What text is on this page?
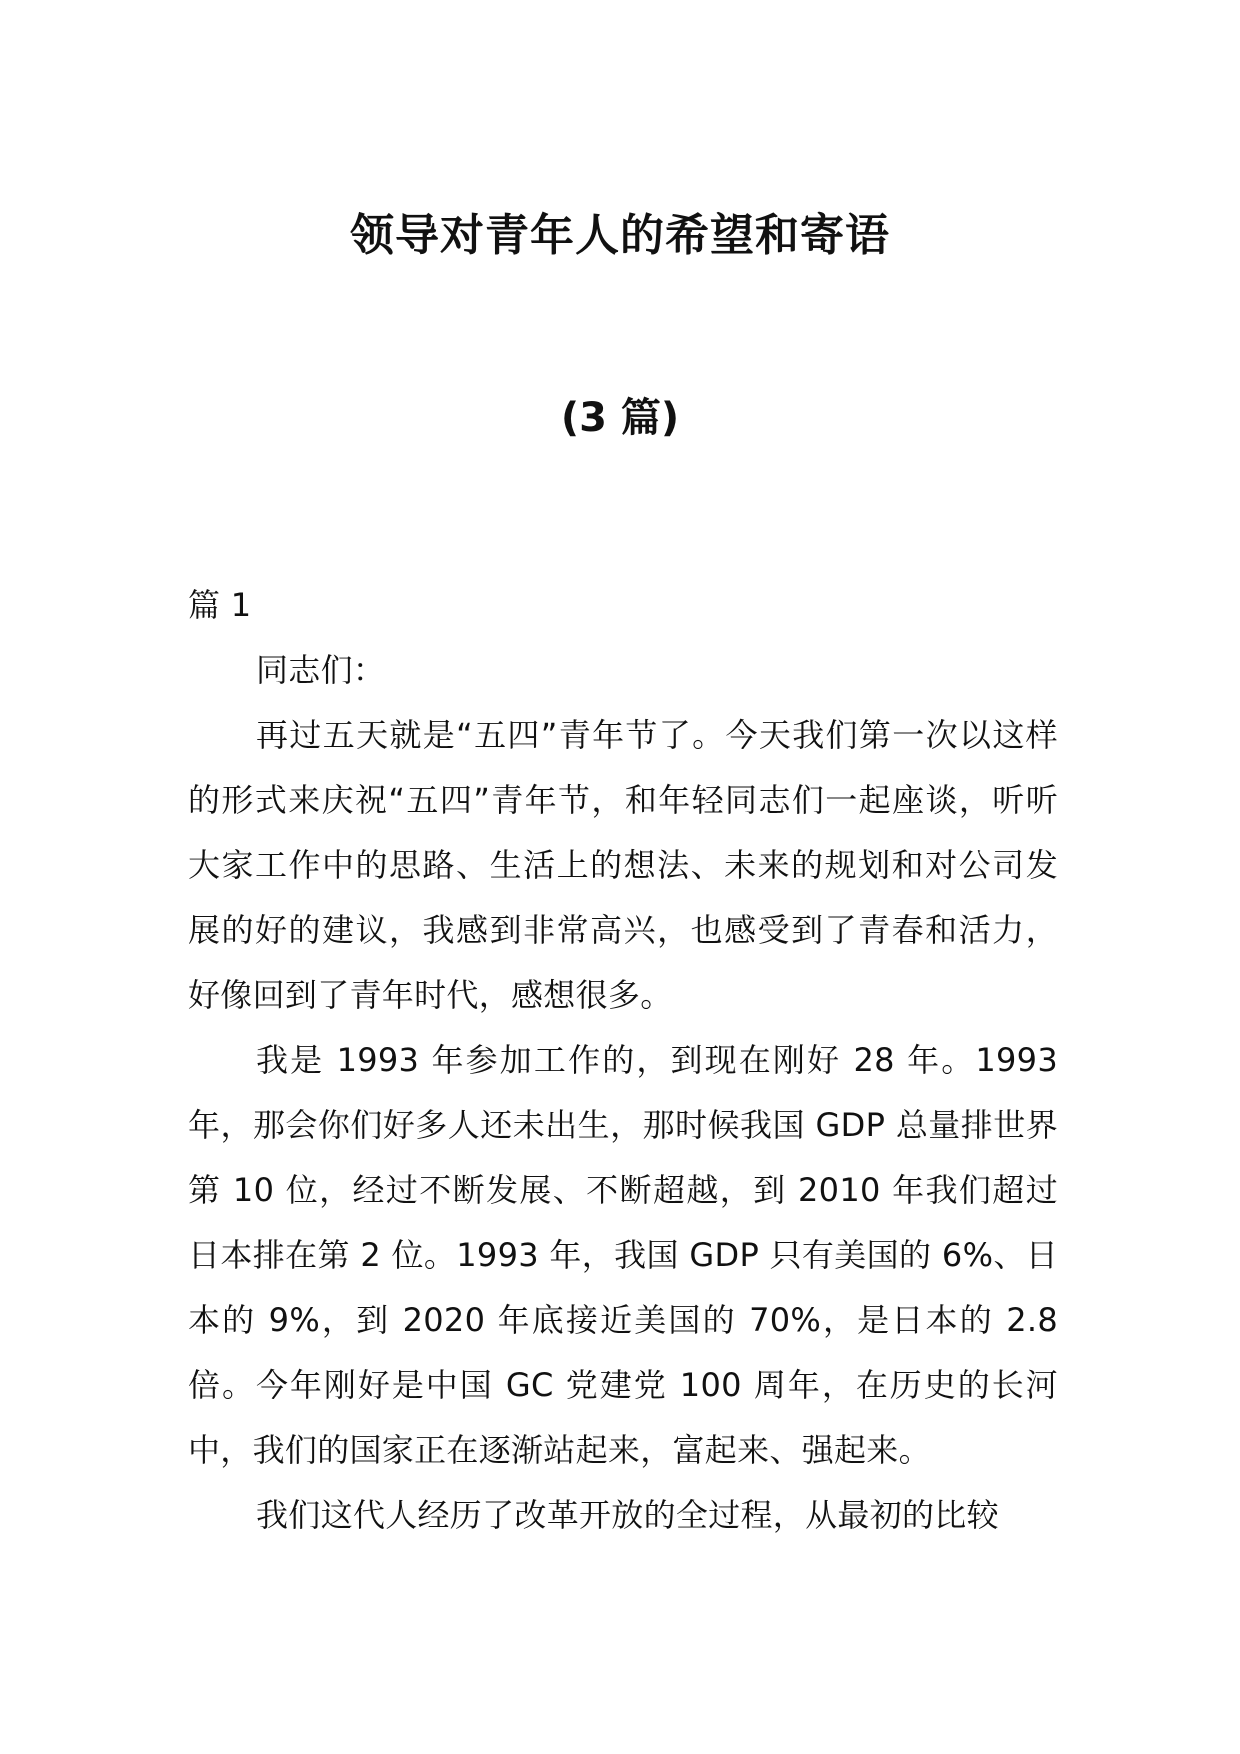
领导对青年人的希望和寄语
(3 篇)

篇 1

同志们：

再过五天就是“五四”青年节了。今天我们第一次以这样的形式来庆祝“五四”青年节，和年轻同志们一起座谈，听听大家工作中的思路、生活上的想法、未来的规划和对公司发展的好的建议，我感到非常高兴，也感受到了青春和活力，好像回到了青年时代，感想很多。

我是 1993 年参加工作的，到现在刚好 28 年。1993 年，那会你们好多人还未出生，那时候我国 GDP 总量排世界第 10 位，经过不断发展、不断超越，到 2010 年我们超过日本排在第 2 位。1993 年，我国 GDP 只有美国的 6%、日本的 9%，到 2020 年底接近美国的 70%，是日本的 2.8 倍。今年刚好是中国 GC 党建党 100 周年，在历史的长河中，我们的国家正在逐渐站起来，富起来、强起来。

我们这代人经历了改革开放的全过程，从最初的比较
